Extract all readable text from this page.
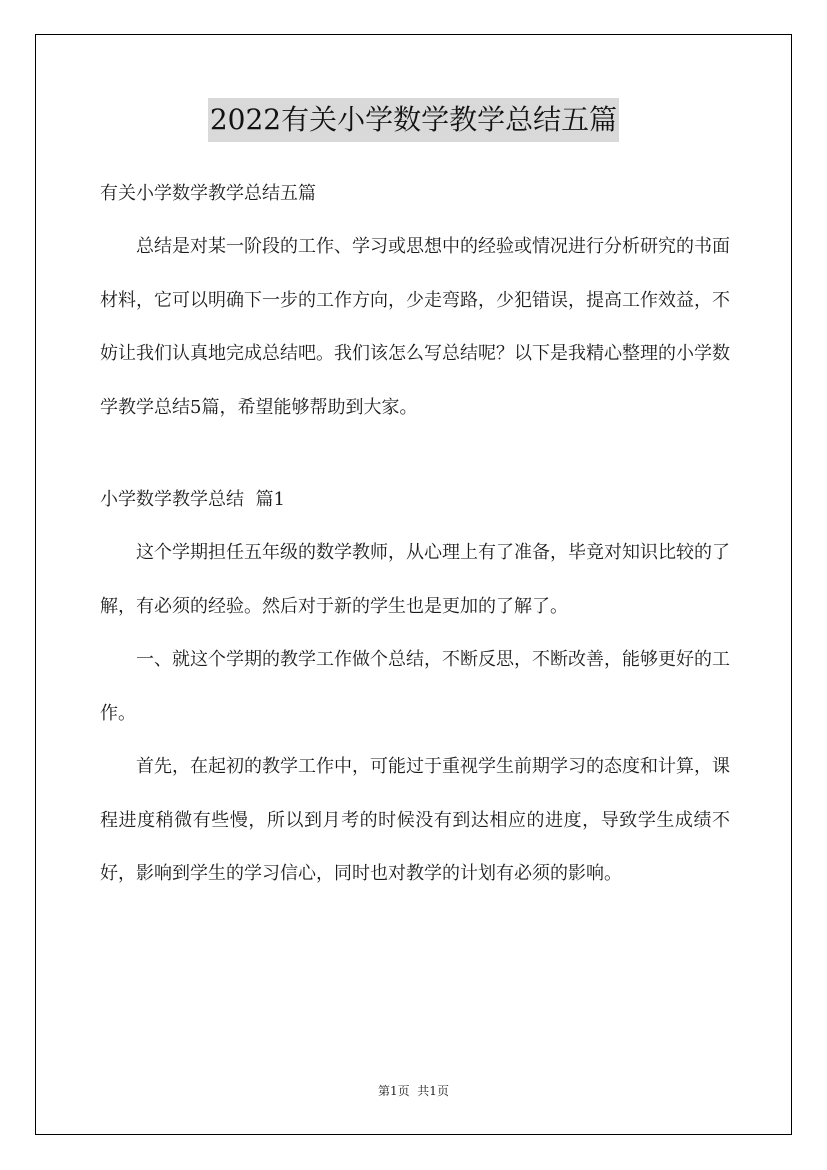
2022有关小学数学教学总结五篇

有关小学数学教学总结五篇

总结是对某一阶段的工作、学习或思想中的经验或情况进行分析研究的书面材料，它可以明确下一步的工作方向，少走弯路，少犯错误，提高工作效益，不妨让我们认真地完成总结吧。我们该怎么写总结呢？以下是我精心整理的小学数学教学总结5篇，希望能够帮助到大家。

小学数学教学总结  篇1

这个学期担任五年级的数学教师，从心理上有了准备，毕竟对知识比较的了解，有必须的经验。然后对于新的学生也是更加的了解了。

一、就这个学期的教学工作做个总结，不断反思，不断改善，能够更好的工作。

首先，在起初的教学工作中，可能过于重视学生前期学习的态度和计算，课程进度稍微有些慢，所以到月考的时候没有到达相应的进度，导致学生成绩不好，影响到学生的学习信心，同时也对教学的计划有必须的影响。

第1页  共1页
